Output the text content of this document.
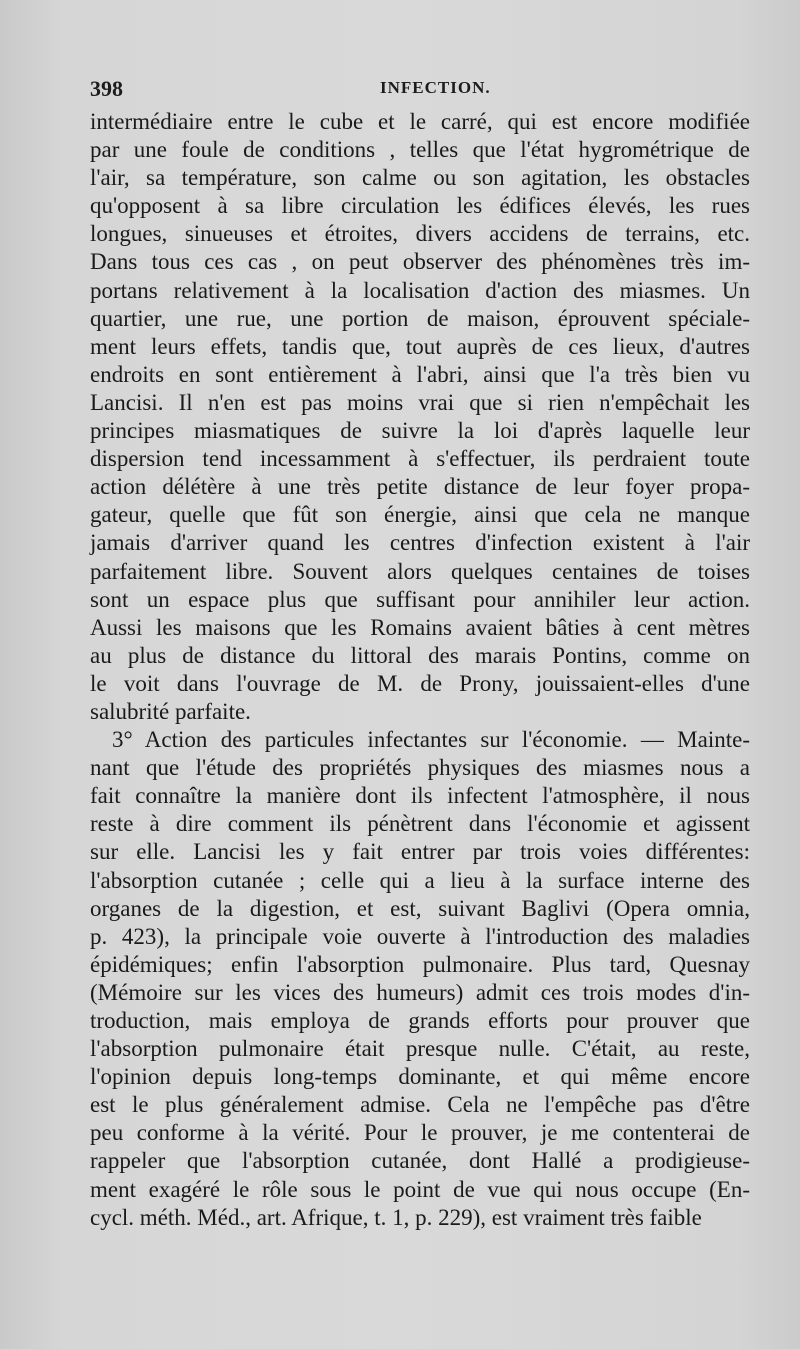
398	INFECTION.
intermédiaire entre le cube et le carré, qui est encore modifiée
par une foule de conditions , telles que l'état hygrométrique de
l'air, sa température, son calme ou son agitation, les obstacles
qu'opposent à sa libre circulation les édifices élevés, les rues
longues, sinueuses et étroites, divers accidens de terrains, etc.
Dans tous ces cas , on peut observer des phénomènes très im-
portans relativement à la localisation d'action des miasmes. Un
quartier, une rue, une portion de maison, éprouvent spéciale-
ment leurs effets, tandis que, tout auprès de ces lieux, d'autres
endroits en sont entièrement à l'abri, ainsi que l'a très bien vu
Lancisi. Il n'en est pas moins vrai que si rien n'empêchait les
principes miasmatiques de suivre la loi d'après laquelle leur
dispersion tend incessamment à s'effectuer, ils perdraient toute
action délétère à une très petite distance de leur foyer propa-
gateur, quelle que fût son énergie, ainsi que cela ne manque
jamais d'arriver quand les centres d'infection existent à l'air
parfaitement libre. Souvent alors quelques centaines de toises
sont un espace plus que suffisant pour annihiler leur action.
Aussi les maisons que les Romains avaient bâties à cent mètres
au plus de distance du littoral des marais Pontins, comme on
le voit dans l'ouvrage de M. de Prony, jouissaient-elles d'une
salubrité parfaite.
3° Action des particules infectantes sur l'économie. — Mainte-
nant que l'étude des propriétés physiques des miasmes nous a
fait connaître la manière dont ils infectent l'atmosphère, il nous
reste à dire comment ils pénètrent dans l'économie et agissent
sur elle. Lancisi les y fait entrer par trois voies différentes:
l'absorption cutanée ; celle qui a lieu à la surface interne des
organes de la digestion, et est, suivant Baglivi (Opera omnia,
p. 423), la principale voie ouverte à l'introduction des maladies
épidémiques; enfin l'absorption pulmonaire. Plus tard, Quesnay
(Mémoire sur les vices des humeurs) admit ces trois modes d'in-
troduction, mais employa de grands efforts pour prouver que
l'absorption pulmonaire était presque nulle. C'était, au reste,
l'opinion depuis long-temps dominante, et qui même encore
est le plus généralement admise. Cela ne l'empêche pas d'être
peu conforme à la vérité. Pour le prouver, je me contenterai de
rappeler que l'absorption cutanée, dont Hallé a prodigieuse-
ment exagéré le rôle sous le point de vue qui nous occupe (En-
cycl. méth. Méd., art. Afrique, t. 1, p. 229), est vraiment très faible
